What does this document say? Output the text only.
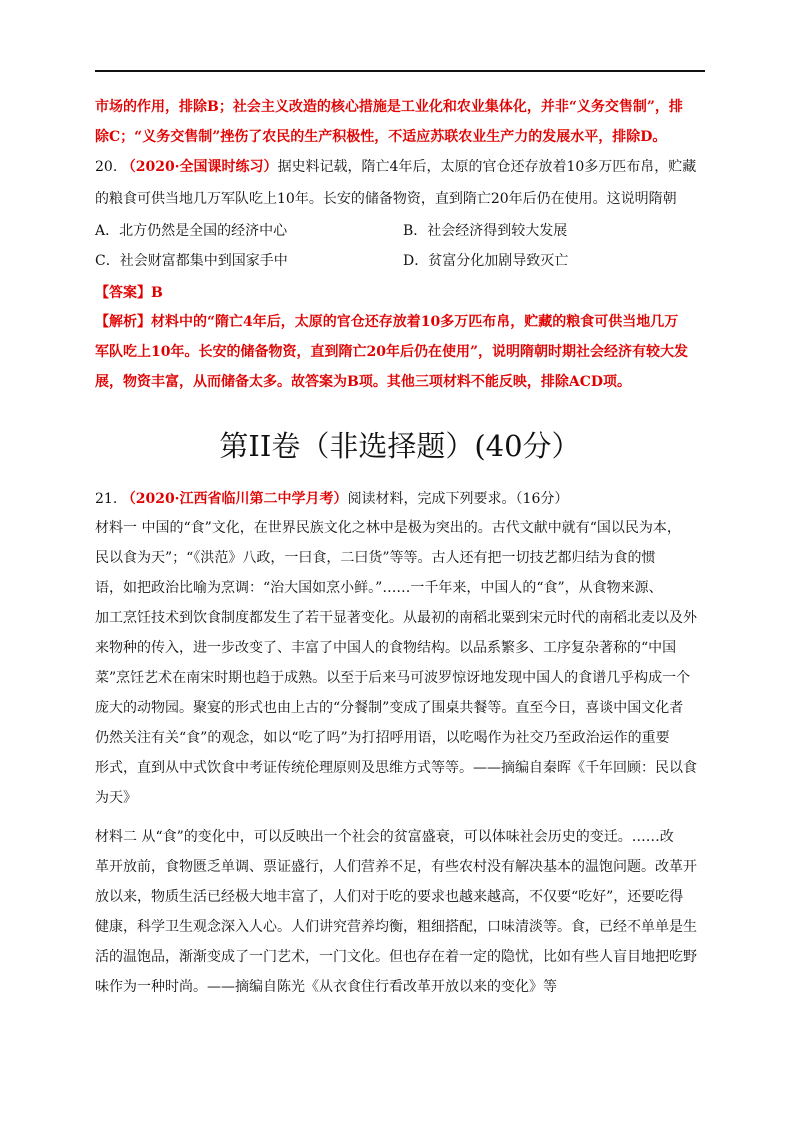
市场的作用，排除B；社会主义改造的核心措施是工业化和农业集体化，并非“义务交售制”，排
除C；“义务交售制”挫伤了农民的生产积极性，不适应苏联农业生产力的发展水平，排除D。
20. （2020·全国课时练习）据史料记载，隋亡4年后，太原的官仓还存放着10多万匹布帛，贮藏
的粮食可供当地几万军队吃上10年。长安的储备物资，直到隋亡20年后仍在使用。这说明隋朝
A．北方仍然是全国的经济中心	B．社会经济得到较大发展
C．社会财富都集中到国家手中	D．贫富分化加剧导致灭亡
【答案】B
【解析】材料中的“隋亡4年后，太原的官仓还存放着10多万匹布帛，贮藏的粮食可供当地几万
军队吃上10年。长安的储备物资，直到隋亡20年后仍在使用”，说明隋朝时期社会经济有较大发
展，物资丰富，从而储备太多。故答案为B项。其他三项材料不能反映，排除ACD项。
第II卷（非选择题）(40分）
21. （2020·江西省临川第二中学月考）阅读材料，完成下列要求。（16分）
材料一 中国的“食”文化，在世界民族文化之林中是极为突出的。古代文献中就有“国以民为本，
民以食为天”；“《洪范》八政，一曰食，二曰货”等等。古人还有把一切技艺都归结为食的惯
语，如把政治比喻为烹调：“治大国如烹小鲜。”……一千年来，中国人的“食”，从食物来源、
加工烹饪技术到饮食制度都发生了若干显著变化。从最初的南稻北粟到宋元时代的南稻北麦以及外
来物种的传入，进一步改变了、丰富了中国人的食物结构。以品系繁多、工序复杂著称的“中国
菜”烹饪艺术在南宋时期也趋于成熟。以至于后来马可波罗惊讶地发现中国人的食谱几乎构成一个
庞大的动物园。聚宴的形式也由上古的“分餐制”变成了围桌共餐等。直至今日，喜谈中国文化者
仍然关注有关“食”的观念，如以“吃了吗”为打招呼用语，以吃喝作为社交乃至政治运作的重要
形式，直到从中式饮食中考证传统伦理原则及思维方式等等。——摘编自秦晖《千年回顾：民以食
为天》
材料二 从“食”的变化中，可以反映出一个社会的贫富盛衰，可以体味社会历史的变迁。……改
革开放前，食物匮乏单调、票证盛行，人们营养不足，有些农村没有解决基本的温饱问题。改革开
放以来，物质生活已经极大地丰富了，人们对于吃的要求也越来越高，不仅要“吃好”，还要吃得
健康，科学卫生观念深入人心。人们讲究营养均衡，粗细搭配，口味清淡等。食，已经不单单是生
活的温饱品，渐渐变成了一门艺术，一门文化。但也存在着一定的隐忧，比如有些人盲目地把吃野
味作为一种时尚。——摘编自陈光《从衣食住行看改革开放以来的变化》等
